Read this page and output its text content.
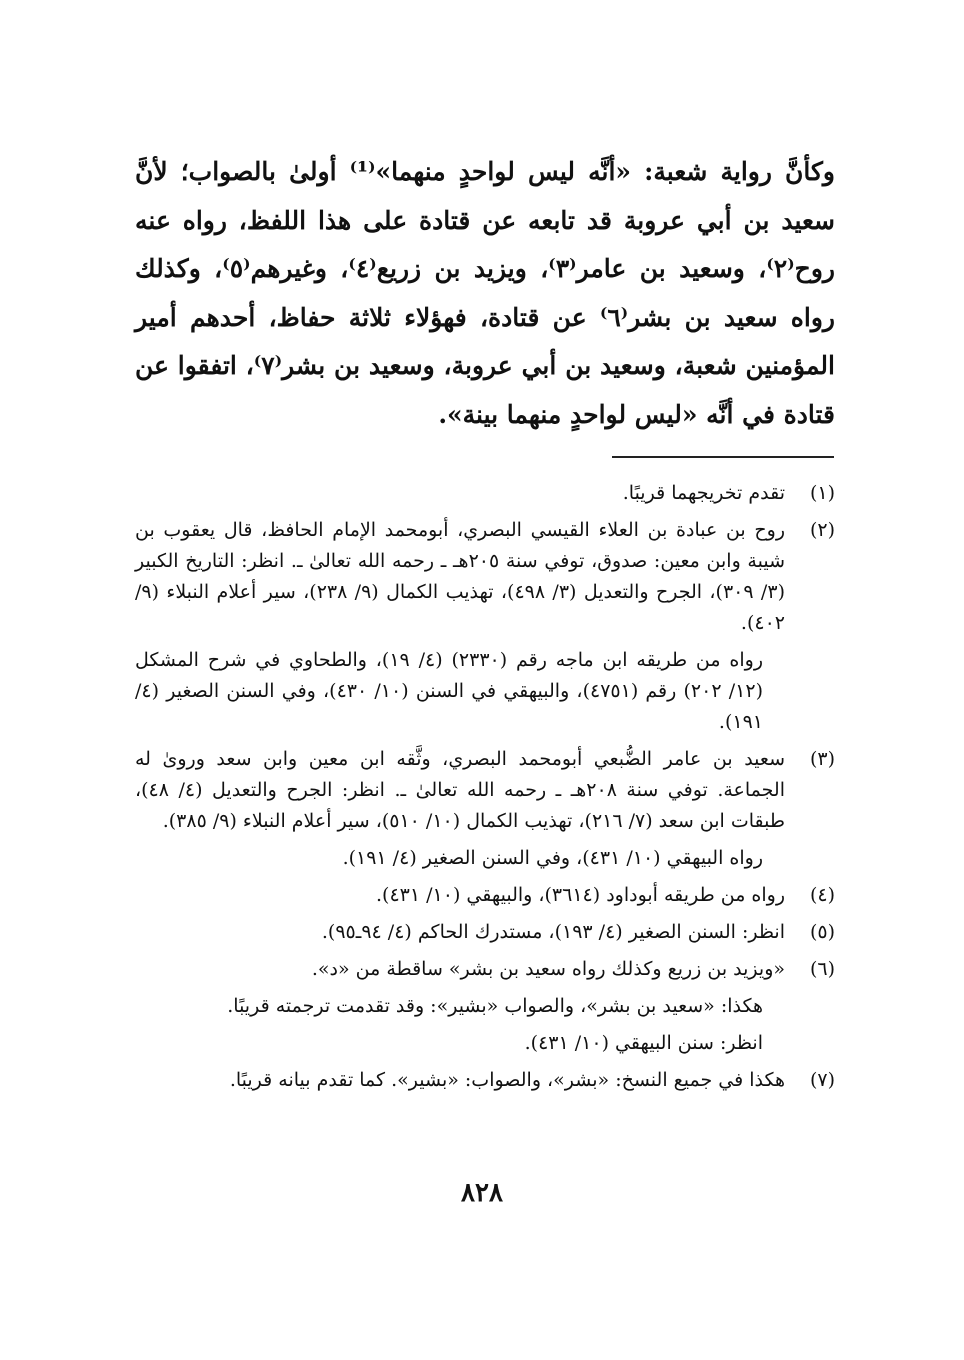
وكأنَّ رواية شعبة: «أنَّه ليس لواحدٍ منهما»⁽¹⁾ أولىٰ بالصواب؛ لأنَّ سعيد بن أبي عروبة قد تابعه عن قتادة على هذا اللفظ، رواه عنه روح⁽٢⁾، وسعيد بن عامر⁽٣⁾، ويزيد بن زريع⁽٤⁾، وغيرهم⁽٥⁾، وكذلك رواه سعيد بن بشر⁽٦⁾ عن قتادة، فهؤلاء ثلاثة حفاظ، أحدهم أمير المؤمنين شعبة، وسعيد بن أبي عروبة، وسعيد بن بشر⁽٧⁾، اتفقوا عن قتادة في أنَّه «ليس لواحدٍ منهما بينة».

(١)

تقدم تخريجهما قريبًا.

(٢)

روح بن عبادة بن العلاء القيسي البصري، أبومحمد الإمام الحافظ، قال يعقوب بن شيبة وابن معين: صدوق، توفي سنة ٢٠٥هـ ـ رحمه الله تعالىٰ ـ. انظر: التاريخ الكبير (٣/ ٣٠٩)، الجرح والتعديل (٣/ ٤٩٨)، تهذيب الكمال (٩/ ٢٣٨)، سير أعلام النبلاء (٩/ ٤٠٢).

رواه من طريقه ابن ماجه رقم (٢٣٣٠) (٤/ ١٩)، والطحاوي في شرح المشكل (١٢/ ٢٠٢) رقم (٤٧٥١)، والبيهقي في السنن (١٠/ ٤٣٠)، وفي السنن الصغير (٤/ ١٩١).

(٣)

سعيد بن عامر الضُّبعي أبومحمد البصري، وثَّقه ابن معين وابن سعد وروىٰ له الجماعة. توفي سنة ٢٠٨هـ ـ رحمه الله تعالىٰ ـ. انظر: الجرح والتعديل (٤/ ٤٨)، طبقات ابن سعد (٧/ ٢١٦)، تهذيب الكمال (١٠/ ٥١٠)، سير أعلام النبلاء (٩/ ٣٨٥).

رواه البيهقي (١٠/ ٤٣١)، وفي السنن الصغير (٤/ ١٩١).

(٤)

رواه من طريقه أبوداود (٣٦١٤)، والبيهقي (١٠/ ٤٣١).

(٥)

انظر: السنن الصغير (٤/ ١٩٣)، مستدرك الحاكم (٤/ ٩٤ـ٩٥).

(٦)

«ويزيد بن زريع وكذلك رواه سعيد بن بشر» ساقطة من «د».

هكذا: «سعيد بن بشر»، والصواب «بشير»: وقد تقدمت ترجمته قريبًا.

انظر: سنن البيهقي (١٠/ ٤٣١).

(٧)

هكذا في جميع النسخ: «بشر»، والصواب: «بشير». كما تقدم بيانه قريبًا.

٨٢٨
